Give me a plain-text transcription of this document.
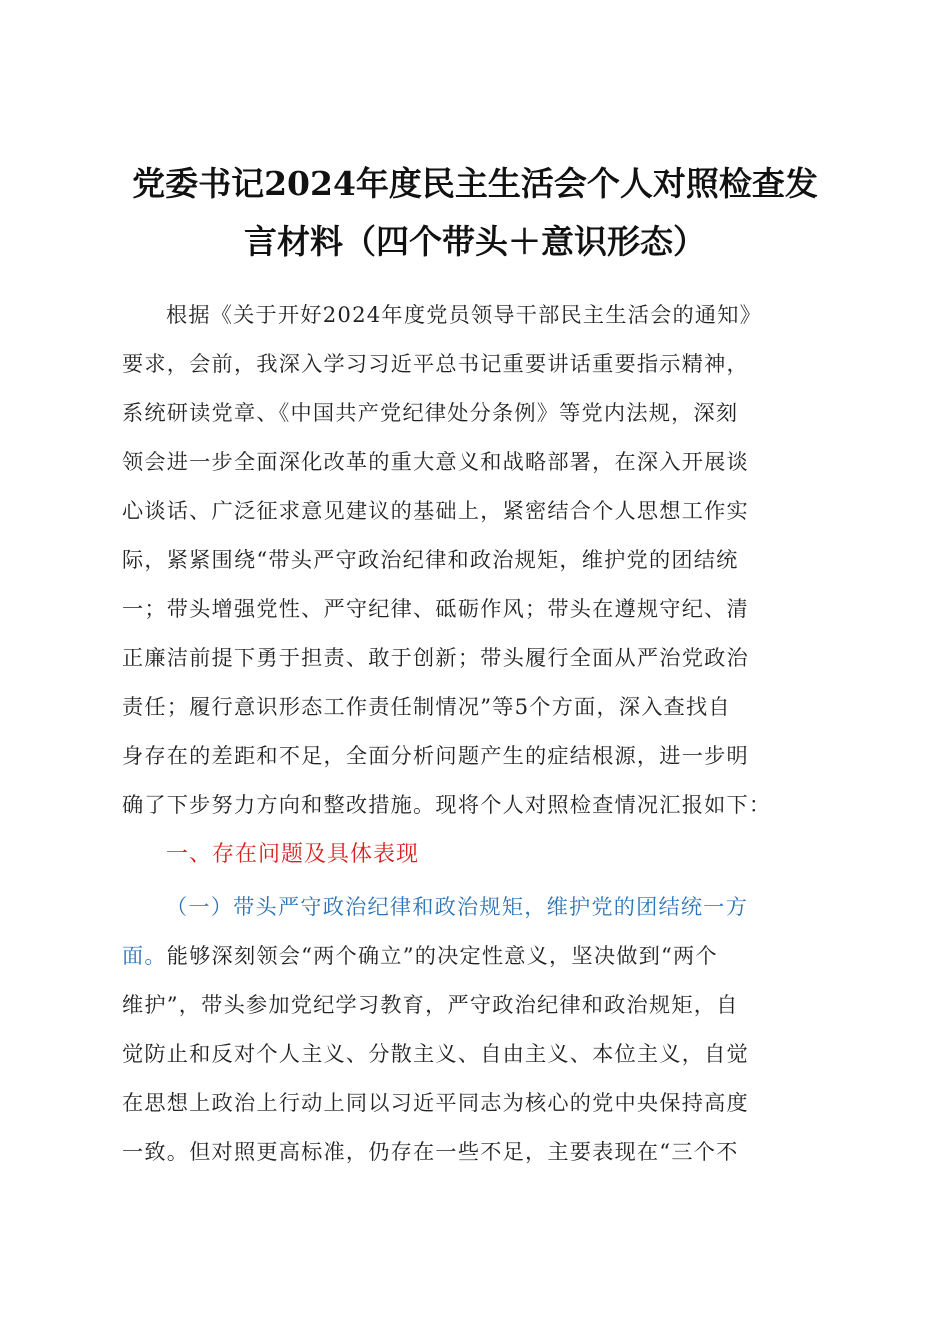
党委书记2024年度民主生活会个人对照检查发
言材料（四个带头＋意识形态）
根据《关于开好2024年度党员领导干部民主生活会的通知》
要求，会前，我深入学习习近平总书记重要讲话重要指示精神，
系统研读党章、《中国共产党纪律处分条例》等党内法规，深刻
领会进一步全面深化改革的重大意义和战略部署，在深入开展谈
心谈话、广泛征求意见建议的基础上，紧密结合个人思想工作实
际，紧紧围绕“带头严守政治纪律和政治规矩，维护党的团结统
一；带头增强党性、严守纪律、砥砺作风；带头在遵规守纪、清
正廉洁前提下勇于担责、敢于创新；带头履行全面从严治党政治
责任；履行意识形态工作责任制情况”等5个方面，深入查找自
身存在的差距和不足，全面分析问题产生的症结根源，进一步明
确了下步努力方向和整改措施。现将个人对照检查情况汇报如下：
一、存在问题及具体表现
（一）带头严守政治纪律和政治规矩，维护党的团结统一方
面。能够深刻领会“两个确立”的决定性意义，坚决做到“两个
维护”，带头参加党纪学习教育，严守政治纪律和政治规矩，自
觉防止和反对个人主义、分散主义、自由主义、本位主义，自觉
在思想上政治上行动上同以习近平同志为核心的党中央保持高度
一致。但对照更高标准，仍存在一些不足，主要表现在“三个不
